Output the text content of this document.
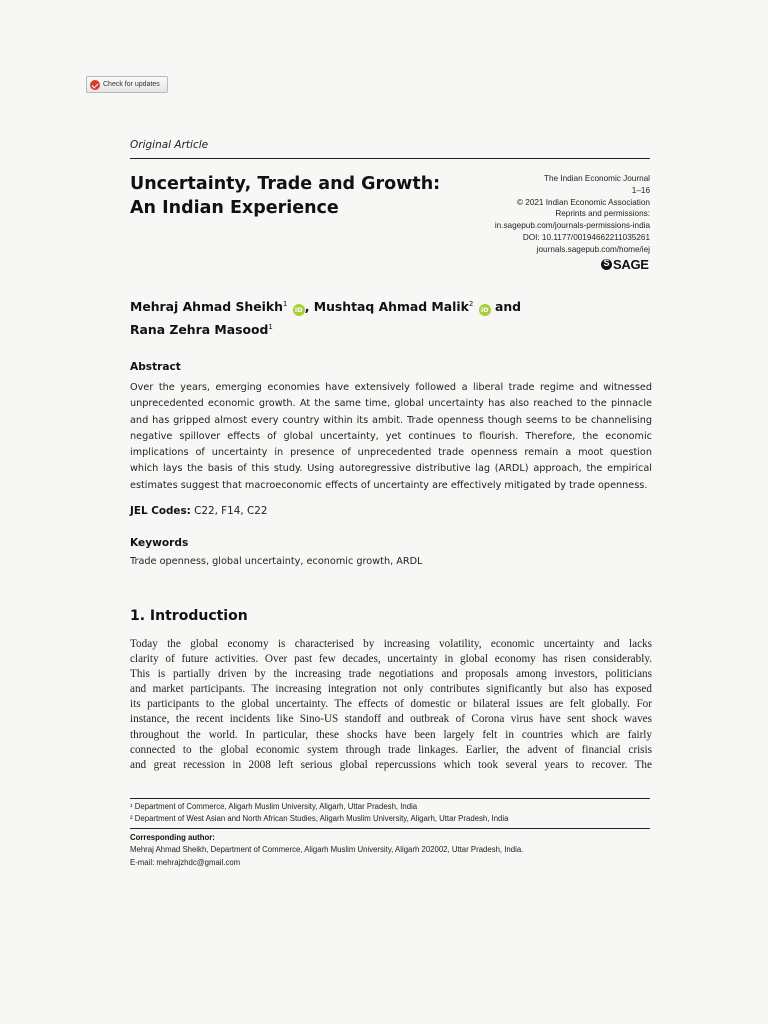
Check for updates
Original Article
Uncertainty, Trade and Growth:
An Indian Experience
The Indian Economic Journal
1–16
© 2021 Indian Economic Association
Reprints and permissions:
in.sagepub.com/journals-permissions-india
DOI: 10.1177/00194662211035261
journals.sagepub.com/home/iej
S
SAGE
Mehraj Ahmad Sheikh$^1$ iD , Mushtaq Ahmad Malik$^2$ iD and
Rana Zehra Masood$^1$
Abstract
Over the years, emerging economies have extensively followed a liberal trade regime and witnessed
unprecedented economic growth. At the same time, global uncertainty has also reached to the pinnacle
and has gripped almost every country within its ambit. Trade openness though seems to be channelising
negative spillover effects of global uncertainty, yet continues to flourish. Therefore, the economic
implications of uncertainty in presence of unprecedented trade openness remain a moot question
which lays the basis of this study. Using autoregressive distributive lag (ARDL) approach, the empirical
estimates suggest that macroeconomic effects of uncertainty are effectively mitigated by trade openness.
JEL Codes: C22, F14, C22
Keywords
Trade openness, global uncertainty, economic growth, ARDL
1. Introduction
Today the global economy is characterised by increasing volatility, economic uncertainty and lacks
clarity of future activities. Over past few decades, uncertainty in global economy has risen considerably.
This is partially driven by the increasing trade negotiations and proposals among investors, politicians
and market participants. The increasing integration not only contributes significantly but also has exposed
its participants to the global uncertainty. The effects of domestic or bilateral issues are felt globally. For
instance, the recent incidents like Sino-US standoff and outbreak of Corona virus have sent shock waves
throughout the world. In particular, these shocks have been largely felt in countries which are fairly
connected to the global economic system through trade linkages. Earlier, the advent of financial crisis
and great recession in 2008 left serious global repercussions which took several years to recover. The
¹ Department of Commerce, Aligarh Muslim University, Aligarh, Uttar Pradesh, India
² Department of West Asian and North African Studies, Aligarh Muslim University, Aligarh, Uttar Pradesh, India
Corresponding author:
Mehraj Ahmad Sheikh, Department of Commerce, Aligarh Muslim University, Aligarh 202002, Uttar Pradesh, India.
E-mail: mehrajzhdc@gmail.com
